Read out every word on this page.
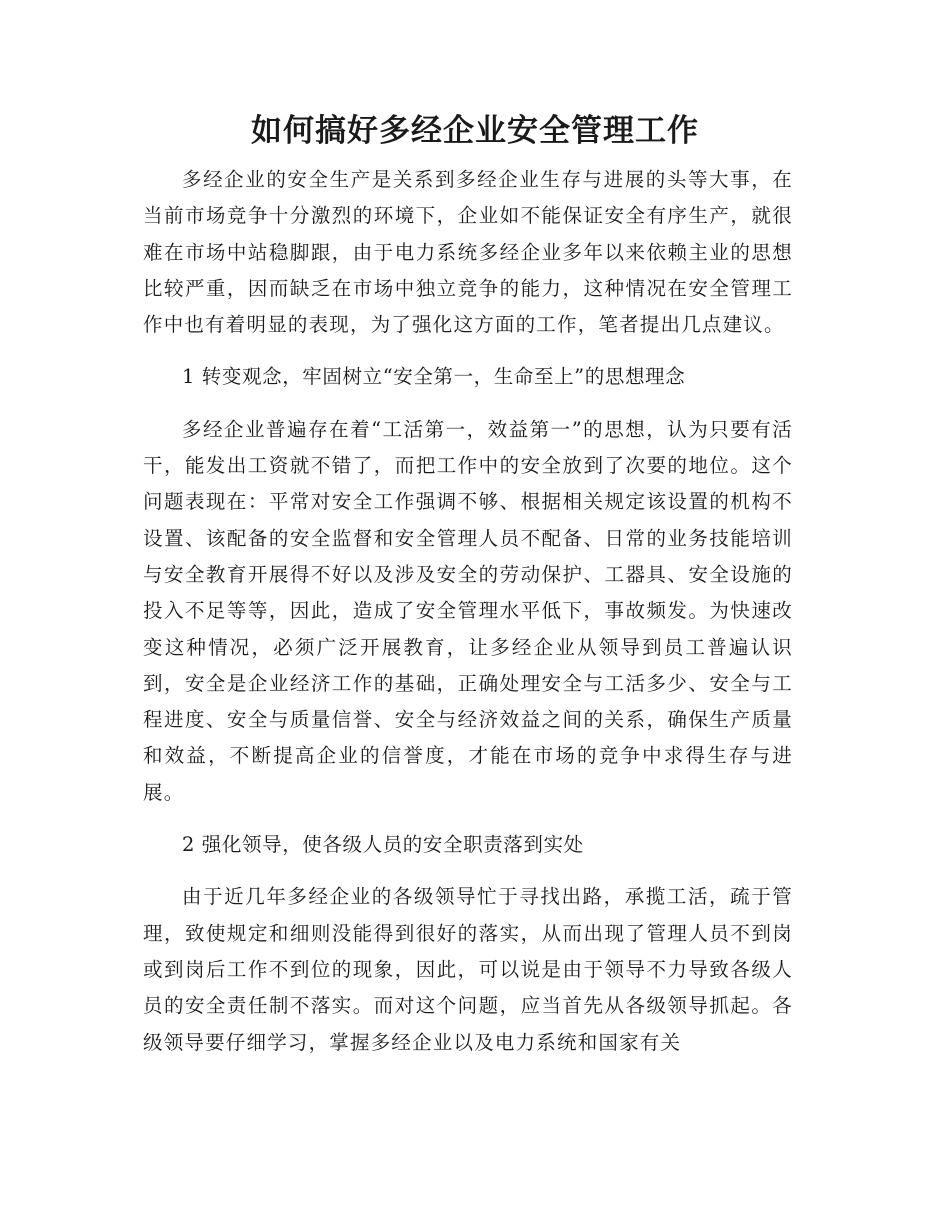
如何搞好多经企业安全管理工作

多经企业的安全生产是关系到多经企业生存与进展的头等大事，在当前市场竞争十分激烈的环境下，企业如不能保证安全有序生产，就很难在市场中站稳脚跟，由于电力系统多经企业多年以来依赖主业的思想比较严重，因而缺乏在市场中独立竞争的能力，这种情况在安全管理工作中也有着明显的表现，为了强化这方面的工作，笔者提出几点建议。

1 转变观念，牢固树立“安全第一，生命至上”的思想理念

多经企业普遍存在着“工活第一，效益第一”的思想，认为只要有活干，能发出工资就不错了，而把工作中的安全放到了次要的地位。这个问题表现在：平常对安全工作强调不够、根据相关规定该设置的机构不设置、该配备的安全监督和安全管理人员不配备、日常的业务技能培训与安全教育开展得不好以及涉及安全的劳动保护、工器具、安全设施的投入不足等等，因此，造成了安全管理水平低下，事故频发。为快速改变这种情况，必须广泛开展教育，让多经企业从领导到员工普遍认识到，安全是企业经济工作的基础，正确处理安全与工活多少、安全与工程进度、安全与质量信誉、安全与经济效益之间的关系，确保生产质量和效益，不断提高企业的信誉度，才能在市场的竞争中求得生存与进展。

2 强化领导，使各级人员的安全职责落到实处

由于近几年多经企业的各级领导忙于寻找出路，承揽工活，疏于管理，致使规定和细则没能得到很好的落实，从而出现了管理人员不到岗或到岗后工作不到位的现象，因此，可以说是由于领导不力导致各级人员的安全责任制不落实。而对这个问题，应当首先从各级领导抓起。各级领导要仔细学习，掌握多经企业以及电力系统和国家有关
